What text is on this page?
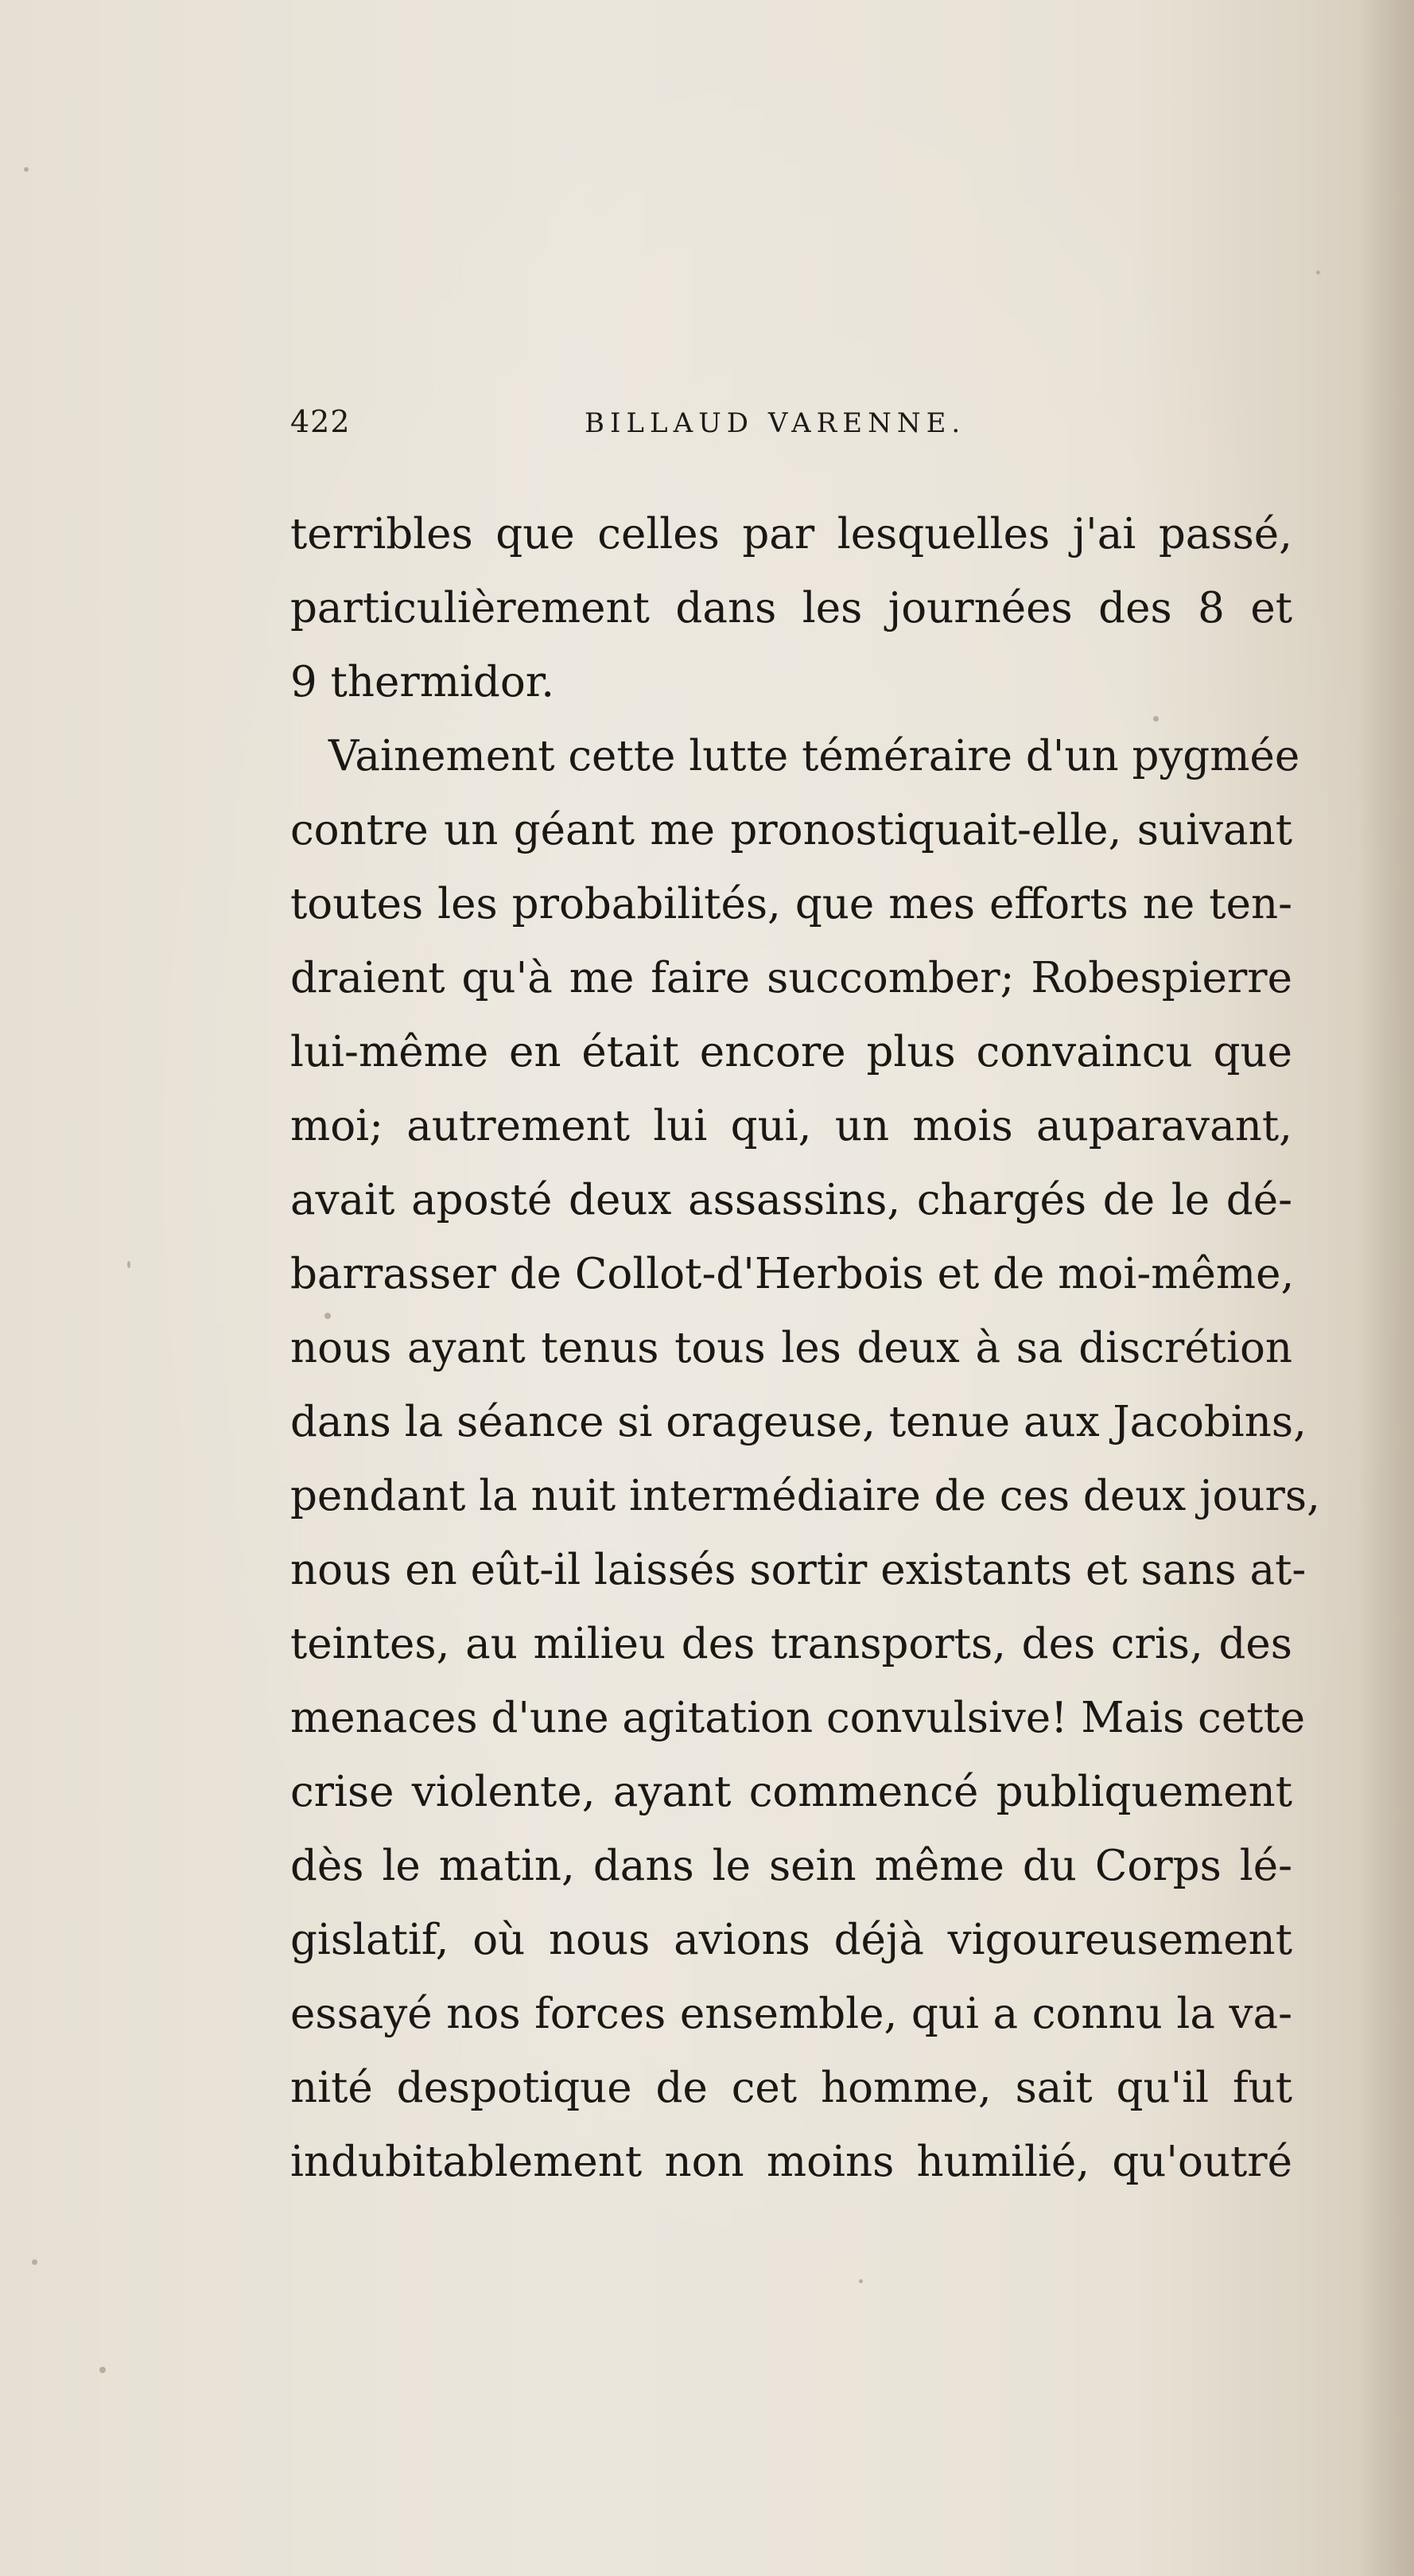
422	BILLAUD VARENNE.
terribles que celles par lesquelles j'ai passé,
particulièrement dans les journées des 8 et
9 thermidor.
Vainement cette lutte téméraire d'un pygmée
contre un géant me pronostiquait-elle, suivant
toutes les probabilités, que mes efforts ne ten-
draient qu'à me faire succomber; Robespierre
lui-même en était encore plus convaincu que
moi; autrement lui qui, un mois auparavant,
avait aposté deux assassins, chargés de le dé-
barrasser de Collot-d'Herbois et de moi-même,
nous ayant tenus tous les deux à sa discrétion
dans la séance si orageuse, tenue aux Jacobins,
pendant la nuit intermédiaire de ces deux jours,
nous en eût-il laissés sortir existants et sans at-
teintes, au milieu des transports, des cris, des
menaces d'une agitation convulsive! Mais cette
crise violente, ayant commencé publiquement
dès le matin, dans le sein même du Corps lé-
gislatif, où nous avions déjà vigoureusement
essayé nos forces ensemble, qui a connu la va-
nité despotique de cet homme, sait qu'il fut
indubitablement non moins humilié, qu'outré
